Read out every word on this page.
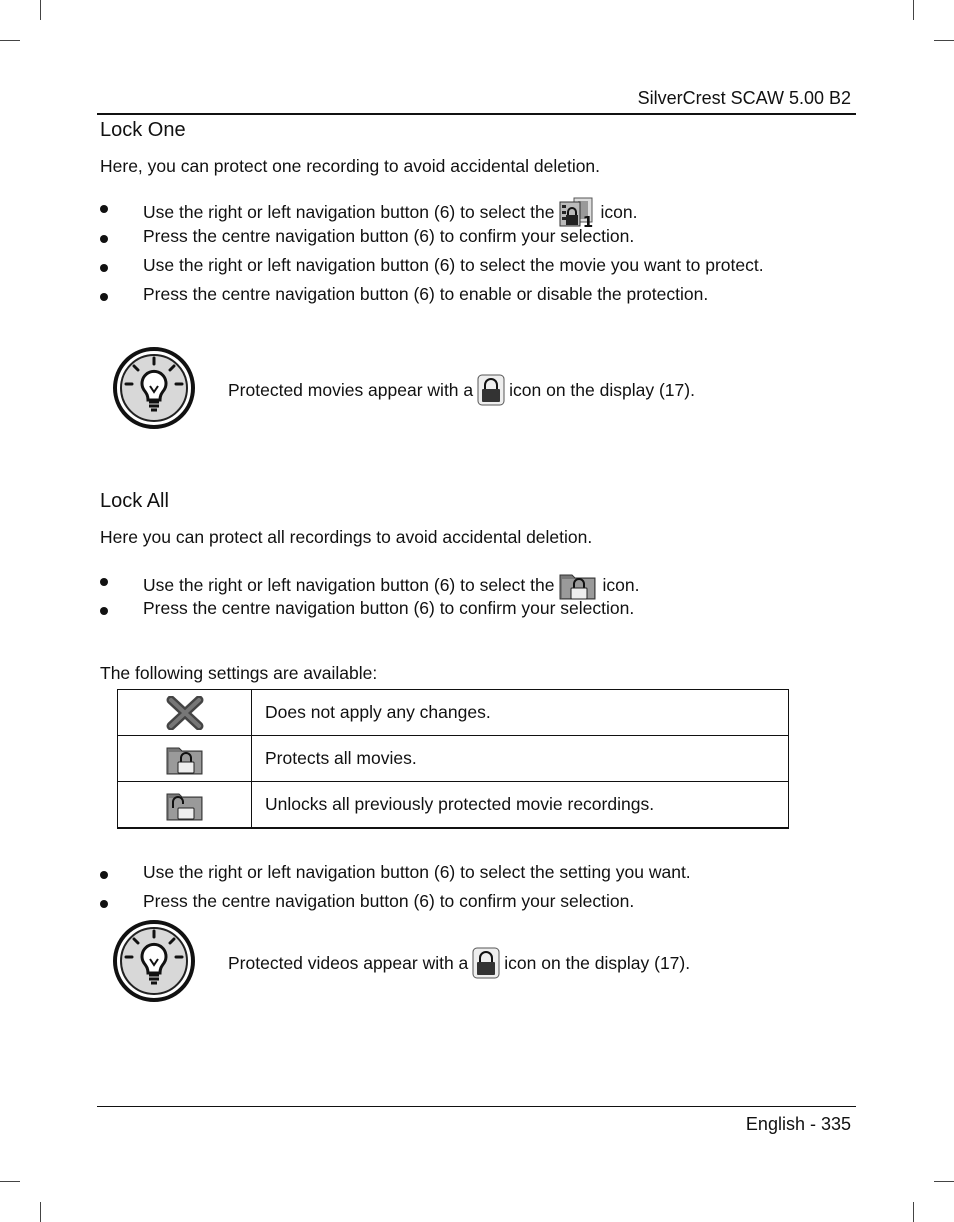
SilverCrest SCAW 5.00 B2
Lock One
Here, you can protect one recording to avoid accidental deletion.
Use the right or left navigation button (6) to select the
1
icon.
Press the centre navigation button (6) to confirm your selection.
Use the right or left navigation button (6) to select the movie you want to protect.
Press the centre navigation button (6) to enable or disable the protection.
Protected movies appear with a icon on the display (17).
Lock All
Here you can protect all recordings to avoid accidental deletion.
Use the right or left navigation button (6) to select the	icon.
Press the centre navigation button (6) to confirm your selection.
The following settings are available:
	Does not apply any changes.
	Protects all movies.
	Unlocks all previously protected movie recordings.
Use the right or left navigation button (6) to select the setting you want.
Press the centre navigation button (6) to confirm your selection.
Protected videos appear with a icon on the display (17).
English - 335
